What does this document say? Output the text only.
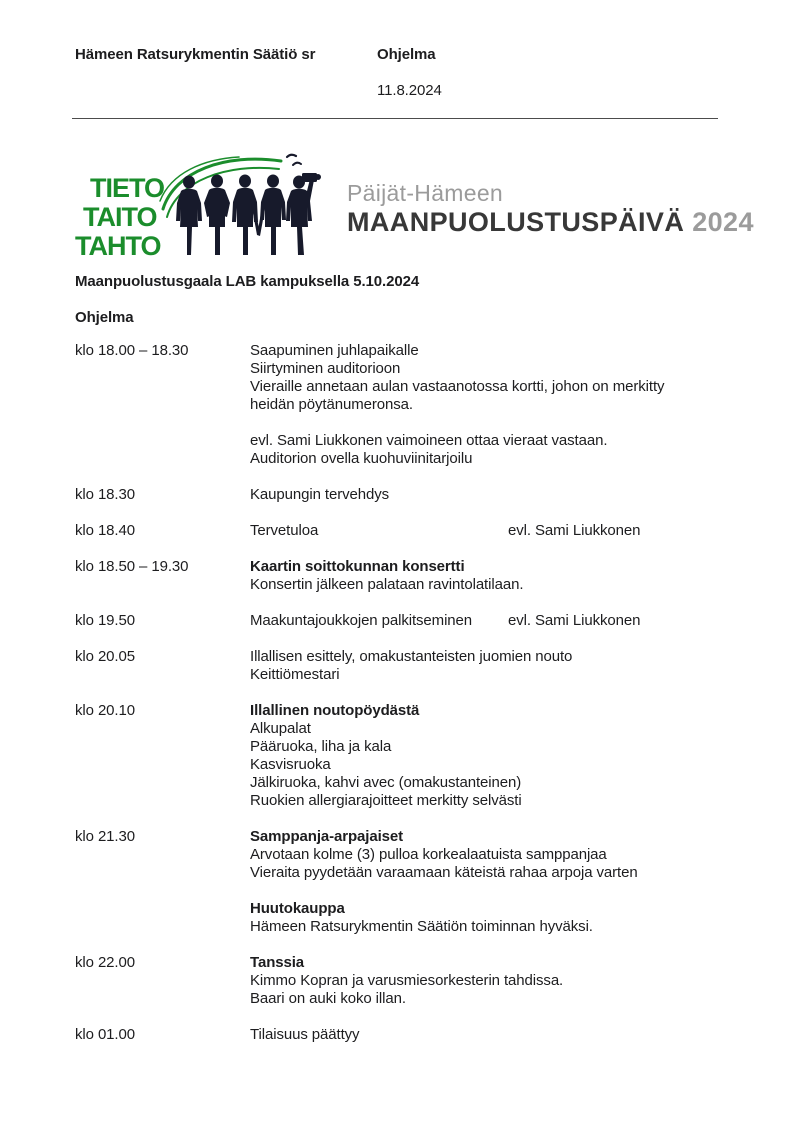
Hämeen Ratsurykmentin Säätiö sr	Ohjelma
11.8.2024
TIETO
TAITO
TAHTO
Päijät-Hämeen
MAANPUOLUSTUSPÄIVÄ 2024
Maanpuolustusgaala LAB kampuksella 5.10.2024
Ohjelma
klo 18.00 – 18.30	Saapuminen juhlapaikalle
Siirtyminen auditorioon
Vieraille annetaan aulan vastaanotossa kortti, johon on merkitty
heidän pöytänumeronsa.
evl. Sami Liukkonen vaimoineen ottaa vieraat vastaan.
Auditorion ovella kuohuviinitarjoilu
klo 18.30	Kaupungin tervehdys
klo 18.40	Tervetuloa	evl. Sami Liukkonen
klo 18.50 – 19.30	Kaartin soittokunnan konsertti
Konsertin jälkeen palataan ravintolatilaan.
klo 19.50	Maakuntajoukkojen palkitseminen	evl. Sami Liukkonen
klo 20.05	Illallisen esittely, omakustanteisten juomien nouto
Keittiömestari
klo 20.10	Illallinen noutopöydästä
Alkupalat
Pääruoka, liha ja kala
Kasvisruoka
Jälkiruoka, kahvi avec (omakustanteinen)
Ruokien allergiarajoitteet merkitty selvästi
klo 21.30	Samppanja-arpajaiset
Arvotaan kolme (3) pulloa korkealaatuista samppanjaa
Vieraita pyydetään varaamaan käteistä rahaa arpoja varten
Huutokauppa
Hämeen Ratsurykmentin Säätiön toiminnan hyväksi.
klo 22.00	Tanssia
Kimmo Kopran ja varusmiesorkesterin tahdissa.
Baari on auki koko illan.
klo 01.00	Tilaisuus päättyy
